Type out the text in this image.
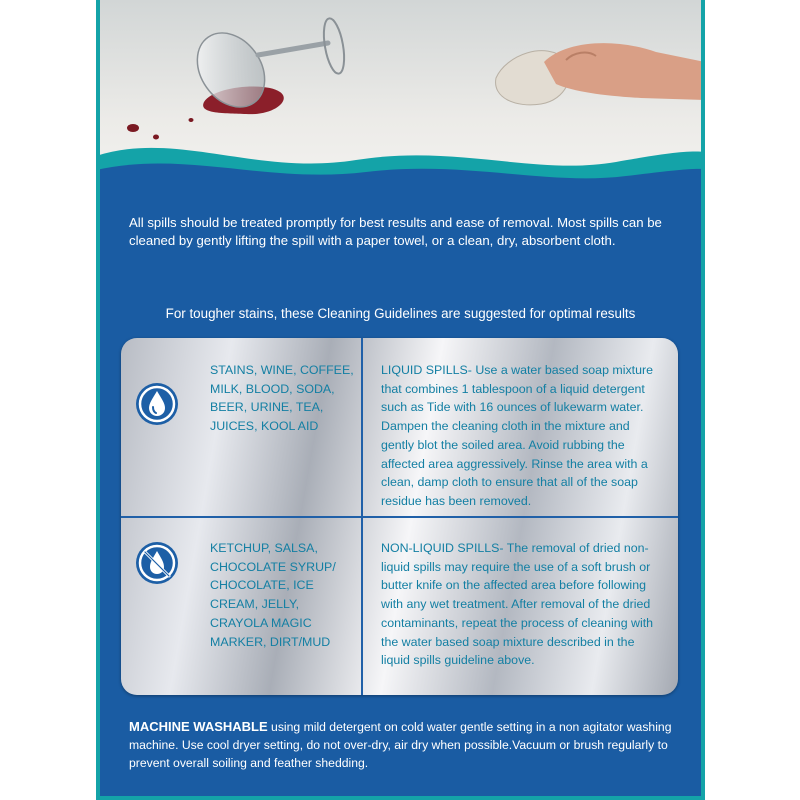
All spills should be treated promptly for best results and ease of removal. Most spills can be cleaned by gently lifting the spill with a paper towel, or a clean, dry, absorbent cloth.

For tougher stains, these Cleaning Guidelines are suggested for optimal results

STAINS, WINE, COFFEE, MILK, BLOOD, SODA, BEER, URINE, TEA, JUICES, KOOL AID

LIQUID SPILLS- Use a water based soap mixture that combines 1 tablespoon of a liquid detergent such as Tide with 16 ounces of lukewarm water. Dampen the cleaning cloth in the mixture and gently blot the soiled area. Avoid rubbing the affected area aggressively. Rinse the area with a clean, damp cloth to ensure that all of the soap residue has been removed.

KETCHUP, SALSA, CHOCOLATE SYRUP/ CHOCOLATE, ICE CREAM, JELLY, CRAYOLA MAGIC MARKER, DIRT/MUD

NON-LIQUID SPILLS- The removal of dried non-liquid spills may require the use of a soft brush or butter knife on the affected area before following with any wet treatment. After removal of the dried contaminants, repeat the process of cleaning with the water based soap mixture described in the liquid spills guideline above.

MACHINE WASHABLE using mild detergent on cold water gentle setting in a non agitator washing machine. Use cool dryer setting, do not over-dry, air dry when possible.Vacuum or brush regularly to prevent overall soiling and feather shedding.
